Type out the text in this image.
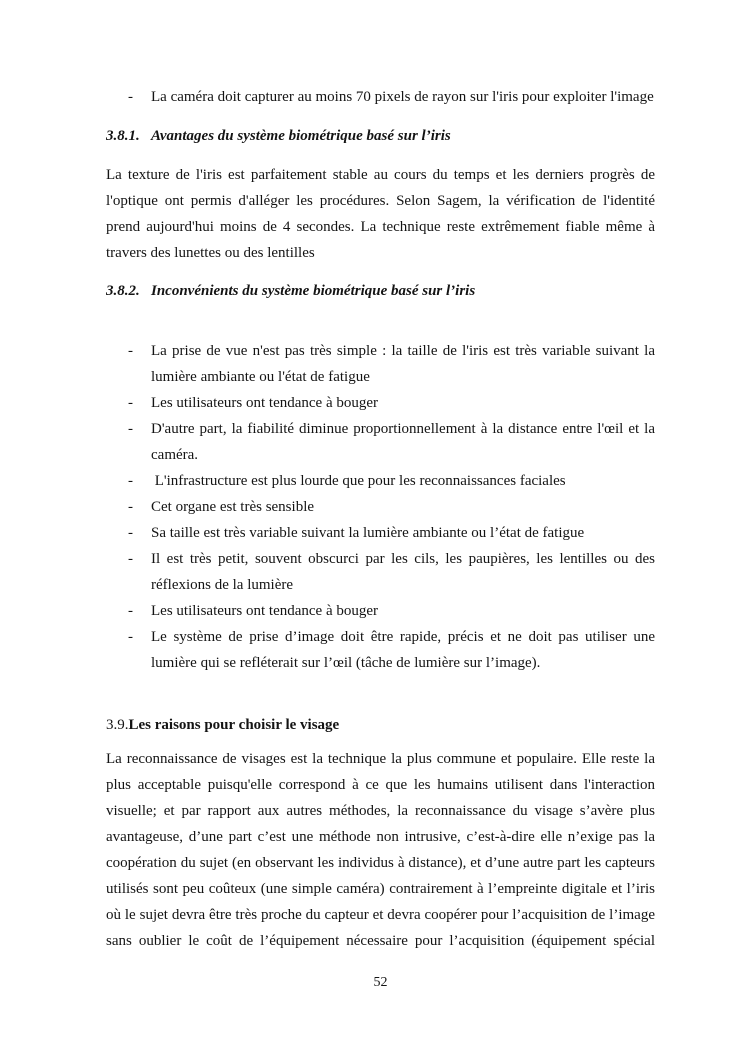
- La caméra doit capturer au moins 70 pixels de rayon sur l'iris pour exploiter l'image
3.8.1. Avantages du système biométrique basé sur l’iris
La texture de l'iris est parfaitement stable au cours du temps et les derniers progrès de
l'optique ont permis d'alléger les procédures. Selon Sagem, la vérification de l'identité
prend aujourd'hui moins de 4 secondes. La technique reste extrêmement fiable même à
travers des lunettes ou des lentilles
3.8.2. Inconvénients du système biométrique basé sur l’iris
- La prise de vue n'est pas très simple : la taille de l'iris est très variable suivant la
lumière ambiante ou l'état de fatigue
- Les utilisateurs ont tendance à bouger
- D'autre part, la fiabilité diminue proportionnellement à la distance entre l'œil et la
caméra.
- L'infrastructure est plus lourde que pour les reconnaissances faciales
- Cet organe est très sensible
- Sa taille est très variable suivant la lumière ambiante ou l’état de fatigue
- Il est très petit, souvent obscurci par les cils, les paupières, les lentilles ou des
réflexions de la lumière
- Les utilisateurs ont tendance à bouger
- Le système de prise d’image doit être rapide, précis et ne doit pas utiliser une
lumière qui se refléterait sur l’œil (tâche de lumière sur l’image).
3.9.Les raisons pour choisir le visage
La reconnaissance de visages est la technique la plus commune et populaire. Elle reste la
plus acceptable puisqu'elle correspond à ce que les humains utilisent dans l'interaction
visuelle; et par rapport aux autres méthodes, la reconnaissance du visage s’avère plus
avantageuse, d’une part c’est une méthode non intrusive, c’est-à-dire elle n’exige pas la
coopération du sujet (en observant les individus à distance), et d’une autre part les capteurs
utilisés sont peu coûteux (une simple caméra) contrairement à l’empreinte digitale et l’iris
où le sujet devra être très proche du capteur et devra coopérer pour l’acquisition de l’image
sans oublier le coût de l’équipement nécessaire pour l’acquisition (équipement spécial
52
